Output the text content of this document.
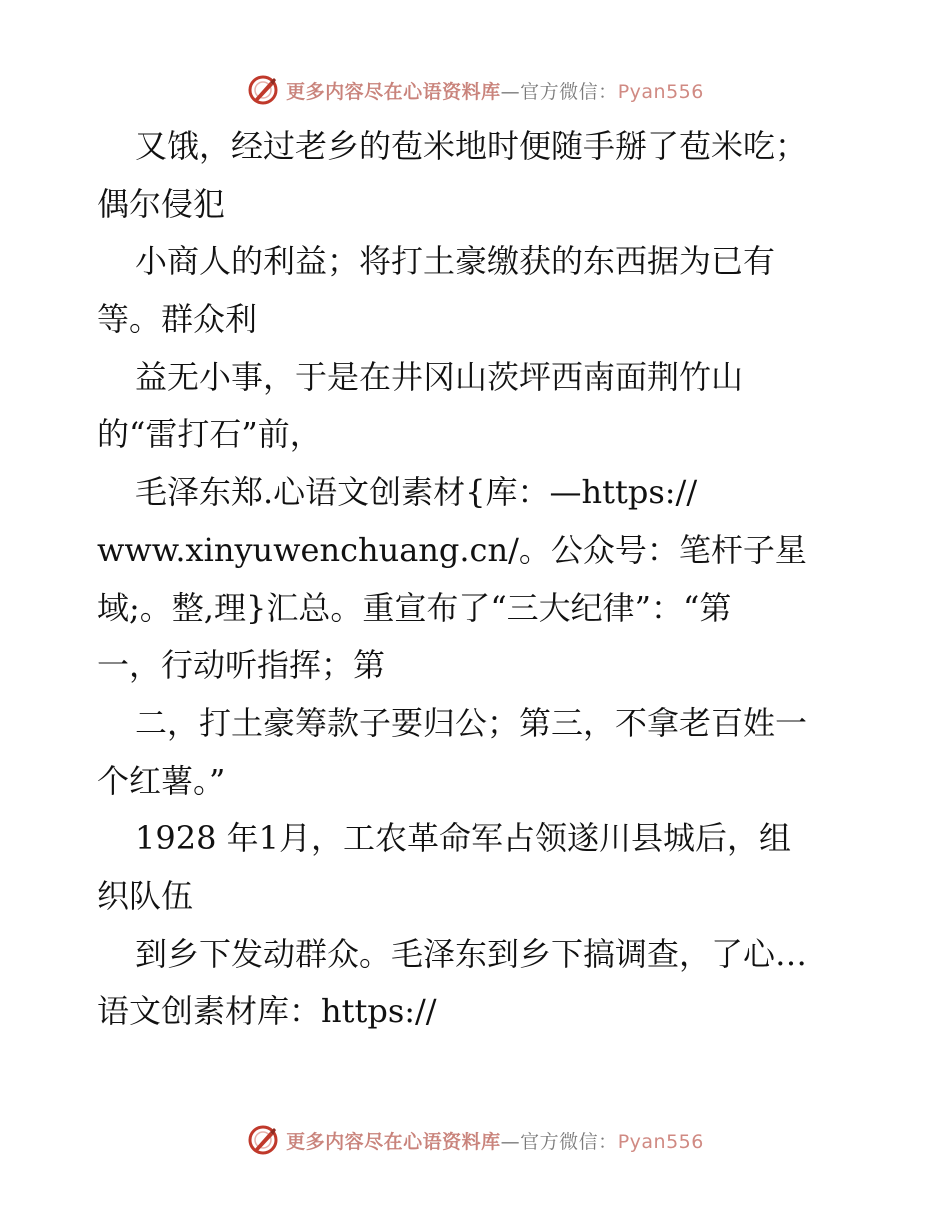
更多内容尽在心语资料库—官方微信：Pyan556
又饿，经过老乡的苞米地时便随手掰了苞米吃；
偶尔侵犯
小商人的利益；将打土豪缴获的东西据为已有
等。群众利
益无小事，于是在井冈山茨坪西南面荆竹山
的“雷打石”前，
毛泽东郑.心语文创素材{库：—https://
www.xinyuwenchuang.cn/。公众号：笔杆子星
域;。整,理}汇总。重宣布了“三大纪律”：“第
一，行动听指挥；第
二，打土豪筹款子要归公；第三，不拿老百姓一
个红薯。”
1928 年1月，工农革命军占领遂川县城后，组
织队伍
到乡下发动群众。毛泽东到乡下搞调查，了心…
语文创素材库：https://
更多内容尽在心语资料库—官方微信：Pyan556
